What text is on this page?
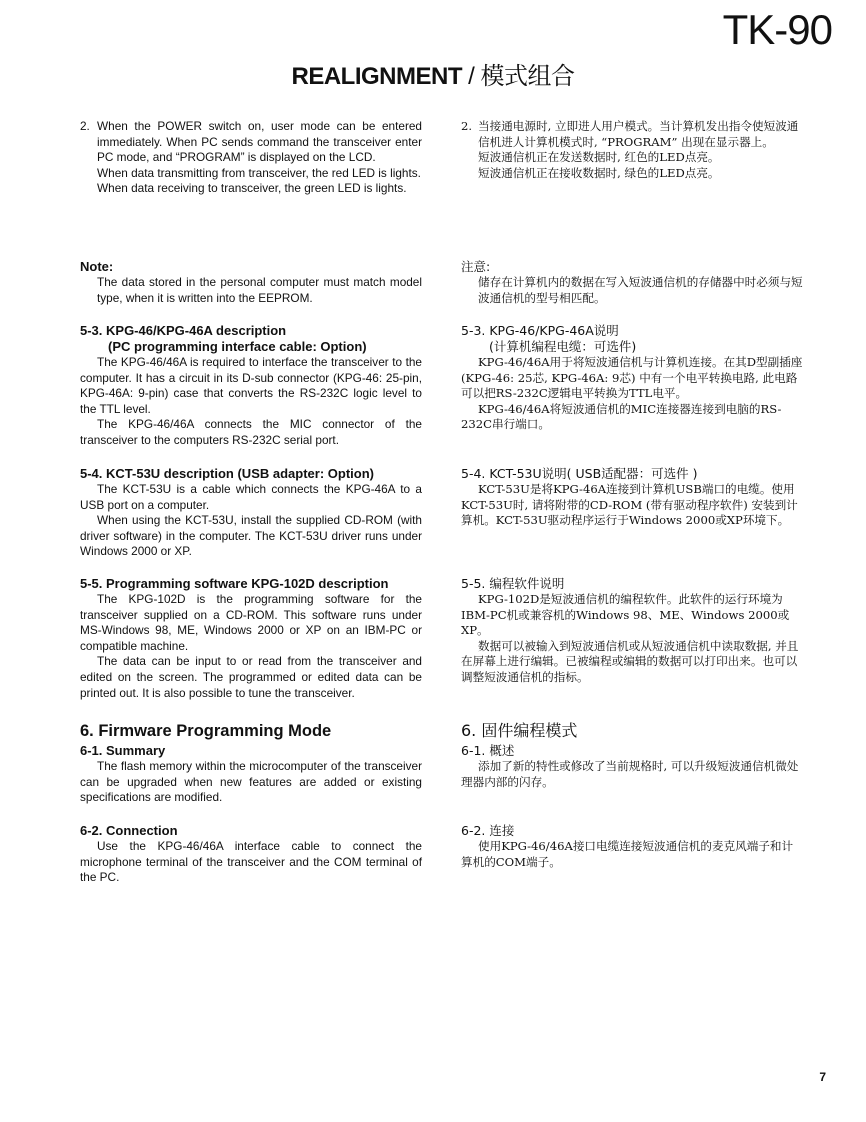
TK-90
REALIGNMENT / 模式组合
2. When the POWER switch on, user mode can be entered immediately. When PC sends command the transceiver enter PC mode, and “PROGRAM” is displayed on the LCD.

When data transmitting from transceiver, the red LED is lights.

When data receiving to transceiver, the green LED is lights.

Note:

The data stored in the personal computer must match model type, when it is written into the EEPROM.

5-3. KPG-46/KPG-46A description
(PC programming interface cable: Option)

The KPG-46/46A is required to interface the transceiver to the computer. It has a circuit in its D-sub connector (KPG-46: 25-pin, KPG-46A: 9-pin) case that converts the RS-232C logic level to the TTL level.

The KPG-46/46A connects the MIC connector of the transceiver to the computers RS-232C serial port.

5-4. KCT-53U description (USB adapter: Option)

The KCT-53U is a cable which connects the KPG-46A to a USB port on a computer.

When using the KCT-53U, install the supplied CD-ROM (with driver software) in the computer. The KCT-53U driver runs under Windows 2000 or XP.

5-5. Programming software KPG-102D description

The KPG-102D is the programming software for the transceiver supplied on a CD-ROM. This software runs under MS-Windows 98, ME, Windows 2000 or XP on an IBM-PC or compatible machine.

The data can be input to or read from the transceiver and edited on the screen. The programmed or edited data can be printed out. It is also possible to tune the transceiver.

6. Firmware Programming Mode
6-1. Summary

The flash memory within the microcomputer of the transceiver can be upgraded when new features are added or existing specifications are modified.

6-2. Connection

Use the KPG-46/46A interface cable to connect the microphone terminal of the transceiver and the COM terminal of the PC.

2. 当接通电源时, 立即进人用户模式。当计算机发出指令使短波通信机进人计算机模式时, “PROGRAM” 出现在显示器上。

短波通信机正在发送数据时, 红色的LED点亮。

短波通信机正在接收数据时, 绿色的LED点亮。

注意:

储存在计算机内的数据在写入短波通信机的存储器中时必须与短波通信机的型号相匹配。

5-3. KPG-46/KPG-46A说明
(计算机编程电缆：可选件)

KPG-46/46A用于将短波通信机与计算机连接。在其D型副插座 (KPG-46: 25芯, KPG-46A: 9芯) 中有一个电平转换电路, 此电路可以把RS-232C逻辑电平转换为TTL电平。

KPG-46/46A将短波通信机的MIC连接器连接到电脑的RS-232C串行端口。

5-4. KCT-53U说明( USB适配器：可选件 )

KCT-53U是将KPG-46A连接到计算机USB端口的电缆。使用KCT-53U时, 请将附带的CD-ROM (带有驱动程序软件) 安装到计算机。KCT-53U驱动程序运行于Windows 2000或XP环境下。

5-5. 编程软件说明

KPG-102D是短波通信机的编程软件。此软件的运行环境为IBM-PC机或兼容机的Windows 98、ME、Windows 2000或XP。

数据可以被输入到短波通信机或从短波通信机中读取数据, 并且在屏幕上进行编辑。已被编程或编辑的数据可以打印出来。也可以调整短波通信机的指标。

6. 固件编程模式
6-1. 概述

添加了新的特性或修改了当前规格时, 可以升级短波通信机微处理器内部的闪存。

6-2. 连接

使用KPG-46/46A接口电缆连接短波通信机的麦克风端子和计算机的COM端子。

7
